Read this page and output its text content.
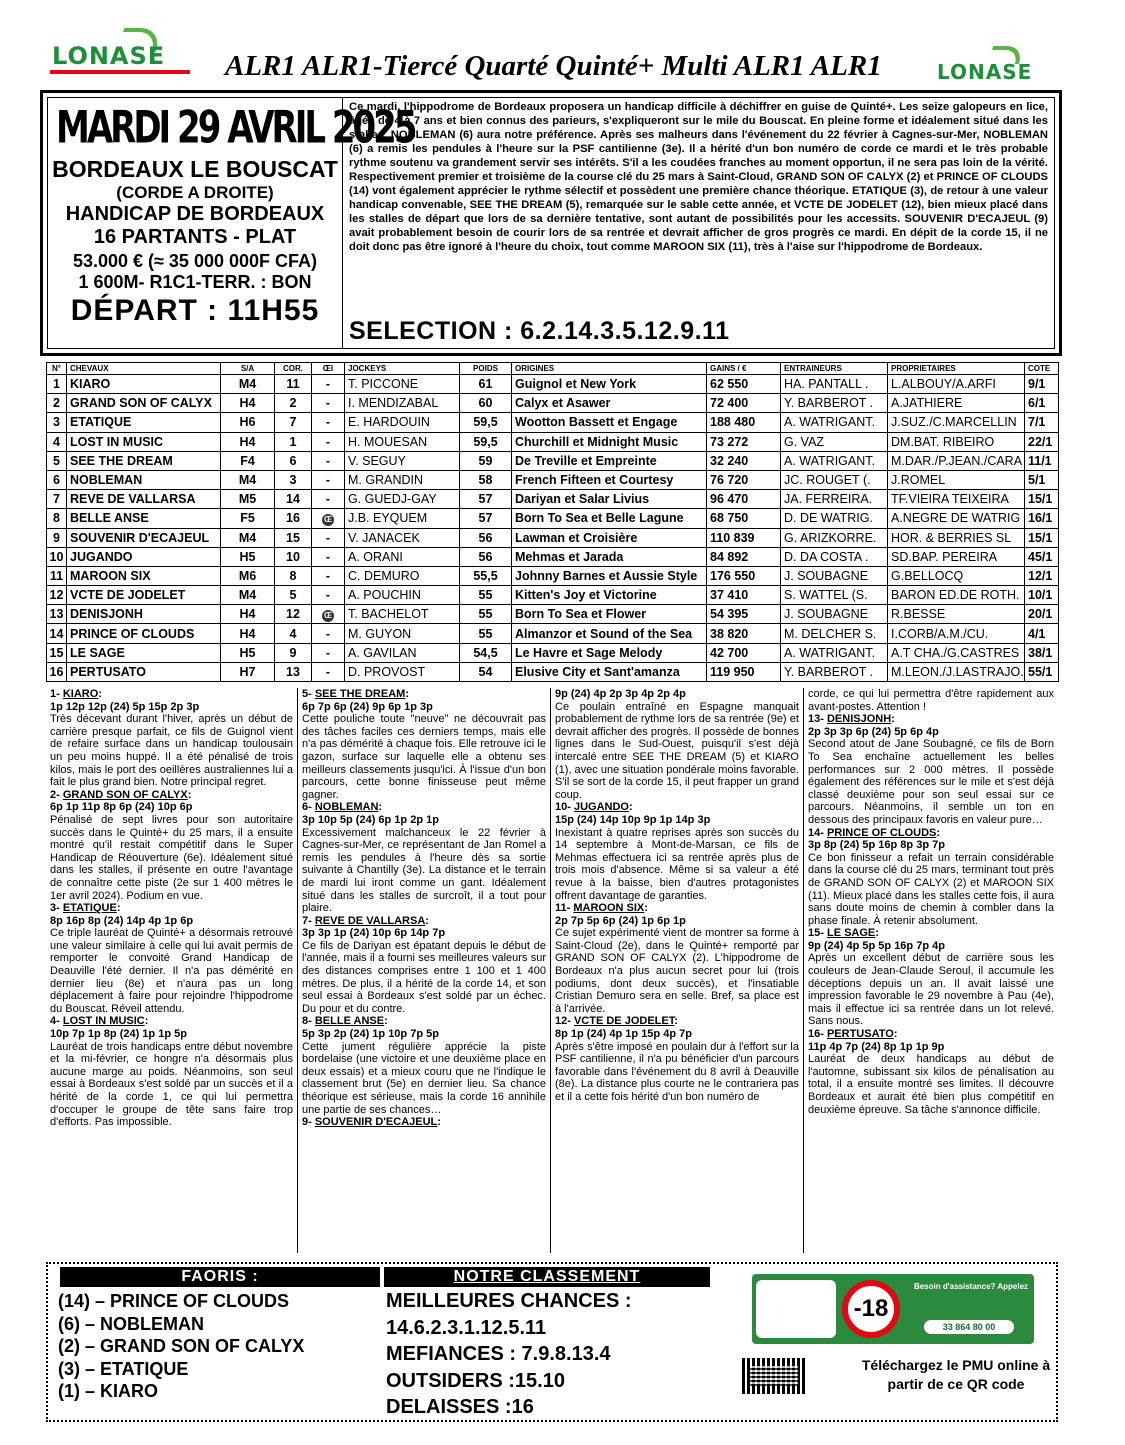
LONASE ALR1 ALR1-Tiercé Quarté Quinté+ Multi ALR1 ALR1	LONASE
MARDI 29 AVRIL 2025
BORDEAUX LE BOUSCAT
(CORDE A DROITE)
HANDICAP DE BORDEAUX
16 PARTANTS - PLAT
53.000 € (≈ 35 000 000F CFA)
1 600M- R1C1-TERR. : BON
DÉPART : 11H55

Ce mardi, l'hippodrome de Bordeaux proposera un handicap difficile à déchiffrer en guise de Quinté+. Les seize galopeurs en lice, âgés de 4 à 7 ans et bien connus des parieurs, s'expliqueront sur le mile du Bouscat. En pleine forme et idéalement situé dans les stalles, NOBLEMAN (6) aura notre préférence. Après ses malheurs dans l'événement du 22 février à Cagnes-sur-Mer, NOBLEMAN (6) a remis les pendules à l'heure sur la PSF cantilienne (3e). Il a hérité d'un bon numéro de corde ce mardi et le très probable rythme soutenu va grandement servir ses intérêts. S'il a les coudées franches au moment opportun, il ne sera pas loin de la vérité. Respectivement premier et troisième de la course clé du 25 mars à Saint-Cloud, GRAND SON OF CALYX (2) et PRINCE OF CLOUDS (14) vont également apprécier le rythme sélectif et possèdent une première chance théorique. ETATIQUE (3), de retour à une valeur handicap convenable, SEE THE DREAM (5), remarquée sur le sable cette année, et VCTE DE JODELET (12), bien mieux placé dans les stalles de départ que lors de sa dernière tentative, sont autant de possibilités pour les accessits. SOUVENIR D'ECAJEUL (9) avait probablement besoin de courir lors de sa rentrée et devrait afficher de gros progrès ce mardi. En dépit de la corde 15, il ne doit donc pas être ignoré à l'heure du choix, tout comme MAROON SIX (11), très à l'aise sur l'hippodrome de Bordeaux.

SELECTION : 6.2.14.3.5.12.9.11
N°	CHEVAUX	S/A	COR.	ŒI	JOCKEYS	POIDS	ORIGINES	GAINS / €	ENTRAINEURS	PROPRIETAIRES	COTE
1	KIARO	M4	11	-	T. PICCONE	61	Guignol et New York	62 550	HA. PANTALL .	L.ALBOUY/A.ARFI	9/1
2	GRAND SON OF CALYX	H4	2	-	I. MENDIZABAL	60	Calyx et Asawer	72 400	Y. BARBEROT .	A.JATHIERE	6/1
3	ETATIQUE	H6	7	-	E. HARDOUIN	59,5	Wootton Bassett et Engage	188 480	A. WATRIGANT.	J.SUZ./C.MARCELLIN	7/1
4	LOST IN MUSIC	H4	1	-	H. MOUESAN	59,5	Churchill et Midnight Music	73 272	G. VAZ	DM.BAT. RIBEIRO	22/1
5	SEE THE DREAM	F4	6	-	V. SEGUY	59	De Treville et Empreinte	32 240	A. WATRIGANT.	M.DAR./P.JEAN./CARA	11/1
6	NOBLEMAN	M4	3	-	M. GRANDIN	58	French Fifteen et Courtesy	76 720	JC. ROUGET (.	J.ROMEL	5/1
7	REVE DE VALLARSA	M5	14	-	G. GUEDJ-GAY	57	Dariyan et Salar Livius	96 470	JA. FERREIRA.	TF.VIEIRA TEIXEIRA	15/1
8	BELLE ANSE	F5	16	Œ	J.B. EYQUEM	57	Born To Sea et Belle Lagune	68 750	D. DE WATRIG.	A.NEGRE DE WATRIG	16/1
9	SOUVENIR D'ECAJEUL	M4	15	-	V. JANACEK	56	Lawman et Croisière	110 839	G. ARIZKORRE.	HOR. & BERRIES SL	15/1
10	JUGANDO	H5	10	-	A. ORANI	56	Mehmas et Jarada	84 892	D. DA COSTA .	SD.BAP. PEREIRA	45/1
11	MAROON SIX	M6	8	-	C. DEMURO	55,5	Johnny Barnes et Aussie Style	176 550	J. SOUBAGNE	G.BELLOCQ	12/1
12	VCTE DE JODELET	M4	5	-	A. POUCHIN	55	Kitten's Joy et Victorine	37 410	S. WATTEL (S.	BARON ED.DE ROTH.	10/1
13	DENISJONH	H4	12	Œ	T. BACHELOT	55	Born To Sea et Flower	54 395	J. SOUBAGNE	R.BESSE	20/1
14	PRINCE OF CLOUDS	H4	4	-	M. GUYON	55	Almanzor et Sound of the Sea	38 820	M. DELCHER S.	I.CORB/A.M./CU.	4/1
15	LE SAGE	H5	9	-	A. GAVILAN	54,5	Le Havre et Sage Melody	42 700	A. WATRIGANT.	A.T CHA./G.CASTRES	38/1
16	PERTUSATO	H7	13	-	D. PROVOST	54	Elusive City et Sant'amanza	119 950	Y. BARBEROT .	M.LEON./J.LASTRAJO.	55/1
1- KIARO:
1p 12p 12p (24) 5p 15p 2p 3p

Très décevant durant l'hiver, après un début de carrière presque parfait, ce fils de Guignol vient de refaire surface dans un handicap toulousain un peu moins huppé. Il a été pénalisé de trois kilos, mais le port des oeillères australiennes lui a fait le plus grand bien. Notre principal regret.

2- GRAND SON OF CALYX:
6p 1p 11p 8p 6p (24) 10p 6p

Pénalisé de sept livres pour son autoritaire succès dans le Quinté+ du 25 mars, il a ensuite montré qu'il restait compétitif dans le Super Handicap de Réouverture (6e). Idéalement situé dans les stalles, il présente en outre l'avantage de connaître cette piste (2e sur 1 400 mètres le 1er avril 2024). Podium en vue.

3- ETATIQUE:
8p 16p 8p (24) 14p 4p 1p 6p

Ce triple lauréat de Quinté+ a désormais retrouvé une valeur similaire à celle qui lui avait permis de remporter le convoité Grand Handicap de Deauville l'été dernier. Il n'a pas démérité en dernier lieu (8e) et n'aura pas un long déplacement à faire pour rejoindre l'hippodrome du Bouscat. Réveil attendu.

4- LOST IN MUSIC:
10p 7p 1p 8p (24) 1p 1p 5p

Lauréat de trois handicaps entre début novembre et la mi-février, ce hongre n'a désormais plus aucune marge au poids. Néanmoins, son seul essai à Bordeaux s'est soldé par un succès et il a hérité de la corde 1, ce qui lui permettra d'occuper le groupe de tête sans faire trop d'efforts. Pas impossible.

5- SEE THE DREAM:
6p 7p 6p (24) 9p 6p 1p 3p

Cette pouliche toute "neuve" ne découvrait pas des tâches faciles ces derniers temps, mais elle n'a pas démérité à chaque fois. Elle retrouve ici le gazon, surface sur laquelle elle a obtenu ses meilleurs classements jusqu'ici. À l'issue d'un bon parcours, cette bonne finisseuse peut même gagner.

6- NOBLEMAN:
3p 10p 5p (24) 6p 1p 2p 1p

Excessivement malchanceux le 22 février à Cagnes-sur-Mer, ce représentant de Jan Romel a remis les pendules à l'heure dès sa sortie suivante à Chantilly (3e). La distance et le terrain de mardi lui iront comme un gant. Idéalement situé dans les stalles de surcroît, il a tout pour plaire.

7- REVE DE VALLARSA:
3p 3p 1p (24) 10p 6p 14p 7p

Ce fils de Dariyan est épatant depuis le début de l'année, mais il a fourni ses meilleures valeurs sur des distances comprises entre 1 100 et 1 400 mètres. De plus, il a hérité de la corde 14, et son seul essai à Bordeaux s'est soldé par un échec. Du pour et du contre.

8- BELLE ANSE:
5p 3p 2p (24) 1p 10p 7p 5p

Cette jument régulière apprécie la piste bordelaise (une victoire et une deuxième place en deux essais) et a mieux couru que ne l'indique le classement brut (5e) en dernier lieu. Sa chance théorique est sérieuse, mais la corde 16 annihile une partie de ses chances…

9- SOUVENIR D'ECAJEUL:
9p (24) 4p 2p 3p 4p 2p 4p

Ce poulain entraîné en Espagne manquait probablement de rythme lors de sa rentrée (9e) et devrait afficher des progrès. Il possède de bonnes lignes dans le Sud-Ouest, puisqu'il s'est déjà intercalé entre SEE THE DREAM (5) et KIARO (1), avec une situation pondérale moins favorable. S'il se sort de la corde 15, il peut frapper un grand coup.

10- JUGANDO:
15p (24) 14p 10p 9p 1p 14p 3p

Inexistant à quatre reprises après son succès du 14 septembre à Mont-de-Marsan, ce fils de Mehmas effectuera ici sa rentrée après plus de trois mois d'absence. Même si sa valeur a été revue à la baisse, bien d'autres protagonistes offrent davantage de garanties.

11- MAROON SIX:
2p 7p 5p 6p (24) 1p 6p 1p

Ce sujet expérimenté vient de montrer sa forme à Saint-Cloud (2e), dans le Quinté+ remporté par GRAND SON OF CALYX (2). L'hippodrome de Bordeaux n'a plus aucun secret pour lui (trois podiums, dont deux succès), et l'insatiable Cristian Demuro sera en selle. Bref, sa place est à l'arrivée.

12- VCTE DE JODELET:
8p 1p (24) 4p 1p 15p 4p 7p

Après s'être imposé en poulain dur à l'effort sur la PSF cantilienne, il n'a pu bénéficier d'un parcours favorable dans l'événement du 8 avril à Deauville (8e). La distance plus courte ne le contrariera pas et il a cette fois hérité d'un bon numéro de

corde, ce qui lui permettra d'être rapidement aux avant-postes. Attention !

13- DENISJONH:
2p 3p 3p 6p (24) 5p 6p 4p

Second atout de Jane Soubagné, ce fils de Born To Sea enchaîne actuellement les belles performances sur 2 000 mètres. Il possède également des références sur le mile et s'est déjà classé deuxième pour son seul essai sur ce parcours. Néanmoins, il semble un ton en dessous des principaux favoris en valeur pure…

14- PRINCE OF CLOUDS:
3p 8p (24) 5p 16p 8p 3p 7p

Ce bon finisseur a refait un terrain considérable dans la course clé du 25 mars, terminant tout près de GRAND SON OF CALYX (2) et MAROON SIX (11). Mieux placé dans les stalles cette fois, il aura sans doute moins de chemin à combler dans la phase finale. À retenir absolument.

15- LE SAGE:
9p (24) 4p 5p 5p 16p 7p 4p

Après un excellent début de carrière sous les couleurs de Jean-Claude Seroul, il accumule les déceptions depuis un an. Il avait laissé une impression favorable le 29 novembre à Pau (4e), mais il effectue ici sa rentrée dans un lot relevé. Sans nous.

16- PERTUSATO:
11p 4p 7p (24) 8p 1p 1p 9p

Lauréat de deux handicaps au début de l'automne, subissant six kilos de pénalisation au total, il a ensuite montré ses limites. Il découvre Bordeaux et aurait été bien plus compétitif en deuxième épreuve. Sa tâche s'annonce difficile.

FAORIS :
(14) – PRINCE OF CLOUDS
(6) – NOBLEMAN
(2) – GRAND SON OF CALYX
(3) – ETATIQUE
(1) – KIARO
NOTRE CLASSEMENT
MEILLEURES CHANCES :
14.6.2.3.1.12.5.11
MEFIANCES : 7.9.8.13.4
OUTSIDERS :15.10
DELAISSES :16
-18
Besoin d'assistance? Appelez
33 864 80 00
Téléchargez le PMU online à partir de ce QR code
